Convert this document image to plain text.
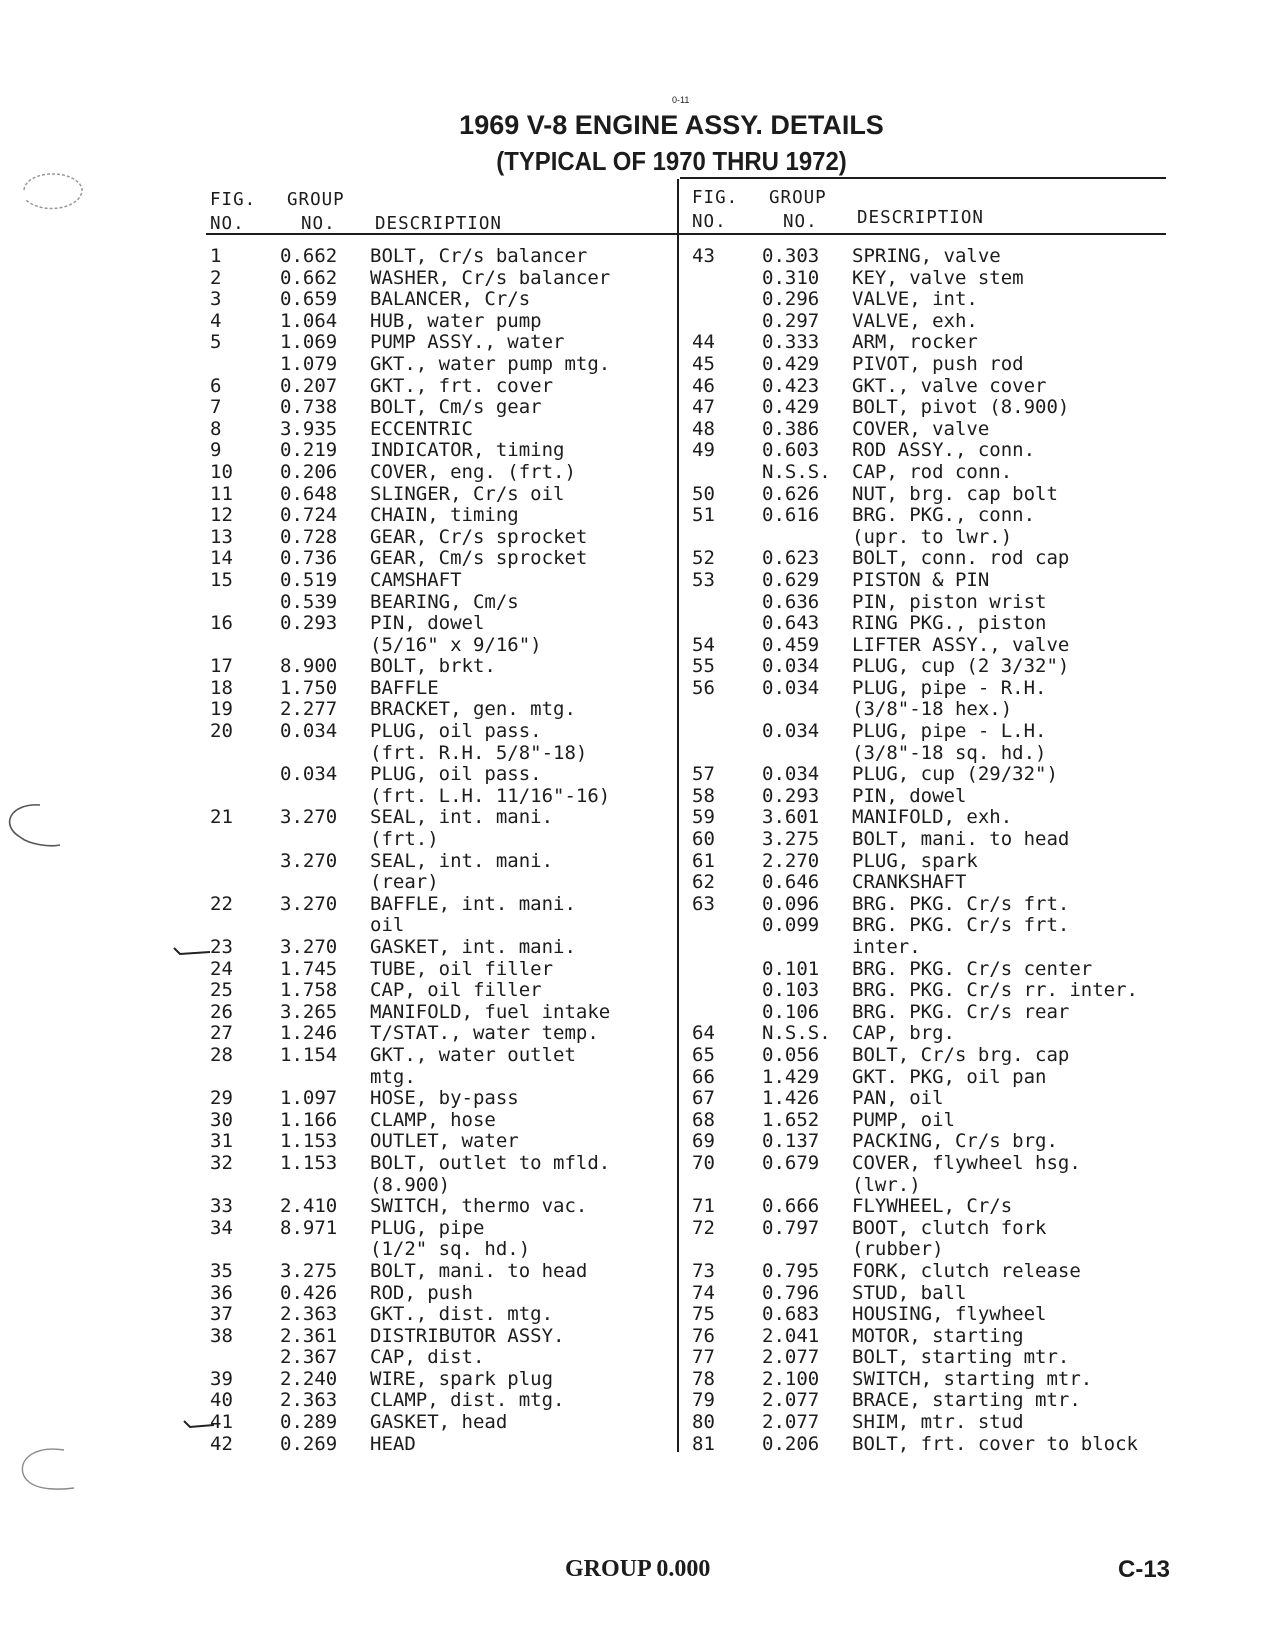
0-11
1969 V-8 ENGINE ASSY. DETAILS
(TYPICAL OF 1970 THRU 1972)
FIG.
NO.
GROUP
NO.	DESCRIPTION
FIG.
NO.
GROUP
NO.	DESCRIPTION
1	0.662 BOLT, Cr/s balancer
2	0.662 WASHER, Cr/s balancer
3	0.659 BALANCER, Cr/s
4	1.064 HUB, water pump
5	1.069 PUMP ASSY., water
1.079 GKT., water pump mtg.
6	0.207 GKT., frt. cover
7	0.738 BOLT, Cm/s gear
8	3.935 ECCENTRIC
9	0.219 INDICATOR, timing
10 0.206 COVER, eng. (frt.)
11 0.648 SLINGER, Cr/s oil
12 0.724 CHAIN, timing
13 0.728 GEAR, Cr/s sprocket
14 0.736 GEAR, Cm/s sprocket
15 0.519 CAMSHAFT
0.539 BEARING, Cm/s
16 0.293 PIN, dowel
(5/16" x 9/16")
17 8.900 BOLT, brkt.
18 1.750 BAFFLE
19 2.277 BRACKET, gen. mtg.
20 0.034 PLUG, oil pass.
(frt. R.H. 5/8"-18)
0.034 PLUG, oil pass.
(frt. L.H. 11/16"-16)
21 3.270 SEAL, int. mani.
(frt.)
3.270 SEAL, int. mani.
(rear)
22 3.270 BAFFLE, int. mani.
oil
23 3.270 GASKET, int. mani.
24 1.745 TUBE, oil filler
25 1.758 CAP, oil filler
26 3.265 MANIFOLD, fuel intake
27 1.246 T/STAT., water temp.
28 1.154 GKT., water outlet
mtg.
29 1.097 HOSE, by-pass
30 1.166 CLAMP, hose
31 1.153 OUTLET, water
32 1.153 BOLT, outlet to mfld.
(8.900)
33 2.410 SWITCH, thermo vac.
34 8.971 PLUG, pipe
(1/2" sq. hd.)
35 3.275 BOLT, mani. to head
36 0.426 ROD, push
37 2.363 GKT., dist. mtg.
38 2.361 DISTRIBUTOR ASSY.
2.367 CAP, dist.
39 2.240 WIRE, spark plug
40 2.363 CLAMP, dist. mtg.
41 0.289 GASKET, head
42 0.269 HEAD
43 0.303 SPRING, valve
0.310 KEY, valve stem
0.296 VALVE, int.
0.297 VALVE, exh.
44 0.333 ARM, rocker
45 0.429 PIVOT, push rod
46 0.423 GKT., valve cover
47 0.429 BOLT, pivot (8.900)
48 0.386 COVER, valve
49 0.603 ROD ASSY., conn.
N.S.S. CAP, rod conn.
50 0.626 NUT, brg. cap bolt
51 0.616 BRG. PKG., conn.
(upr. to lwr.)
52 0.623 BOLT, conn. rod cap
53 0.629 PISTON & PIN
0.636 PIN, piston wrist
0.643 RING PKG., piston
54 0.459 LIFTER ASSY., valve
55 0.034 PLUG, cup (2 3/32")
56 0.034 PLUG, pipe - R.H.
(3/8"-18 hex.)
0.034 PLUG, pipe - L.H.
(3/8"-18 sq. hd.)
57 0.034 PLUG, cup (29/32")
58 0.293 PIN, dowel
59 3.601 MANIFOLD, exh.
60 3.275 BOLT, mani. to head
61 2.270 PLUG, spark
62 0.646 CRANKSHAFT
63 0.096 BRG. PKG. Cr/s frt.
0.099 BRG. PKG. Cr/s frt.
inter.
0.101 BRG. PKG. Cr/s center
0.103 BRG. PKG. Cr/s rr. inter.
0.106 BRG. PKG. Cr/s rear
64 N.S.S. CAP, brg.
65 0.056 BOLT, Cr/s brg. cap
66 1.429 GKT. PKG, oil pan
67 1.426 PAN, oil
68 1.652 PUMP, oil
69 0.137 PACKING, Cr/s brg.
70 0.679 COVER, flywheel hsg.
(lwr.)
71 0.666 FLYWHEEL, Cr/s
72 0.797 BOOT, clutch fork
(rubber)
73 0.795 FORK, clutch release
74 0.796 STUD, ball
75 0.683 HOUSING, flywheel
76 2.041 MOTOR, starting
77 2.077 BOLT, starting mtr.
78 2.100 SWITCH, starting mtr.
79 2.077 BRACE, starting mtr.
80 2.077 SHIM, mtr. stud
81 0.206 BOLT, frt. cover to block
GROUP 0.000	C-13
